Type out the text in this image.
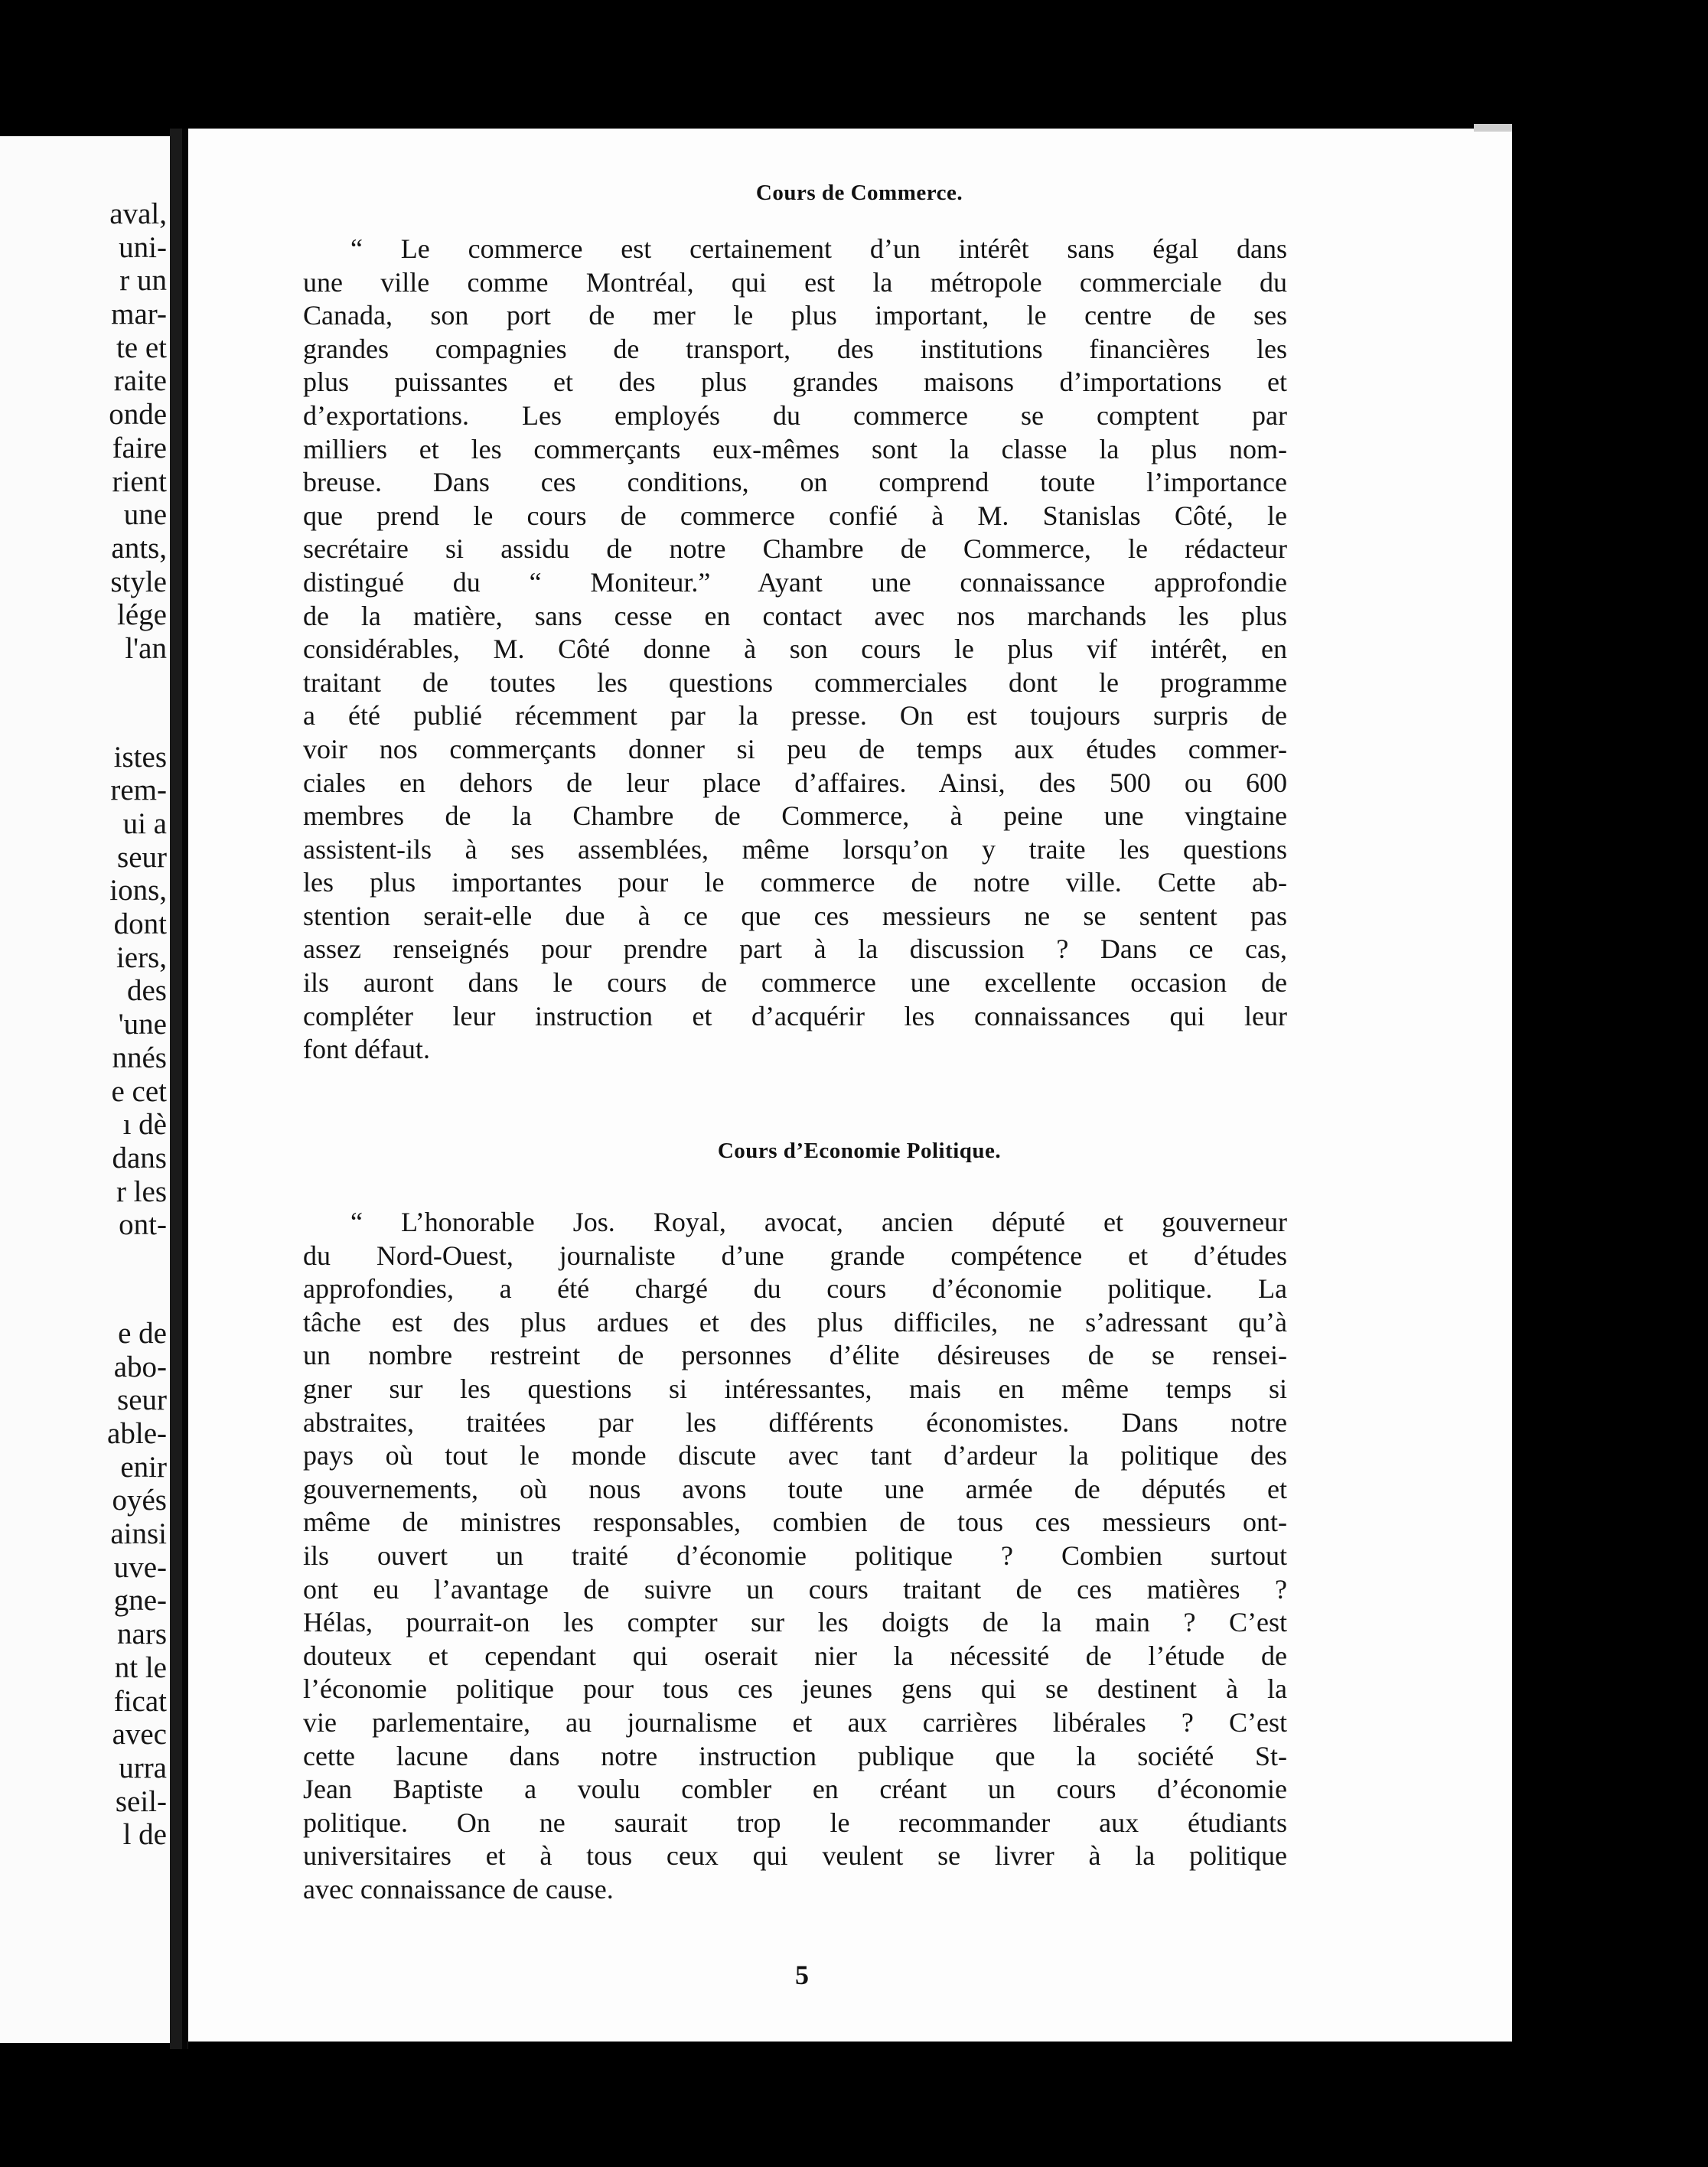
aval,
uni-
r un
mar-
te et
raite
onde
faire
rient
une
ants,
style
lége
l'an
istes
rem-
ui a
seur
ions,
dont
iers,
des
'une
nnés
e cet
ı dè
dans
r les
ont-
e de
abo-
seur
able-
enir
oyés
ainsi
uve-
gne-
nars
nt le
ficat
avec
urra
seil-
l de
Cours de Commerce.
“ Le commerce est certainement d’un intérêt sans égal dans
une ville comme Montréal, qui est la métropole commerciale du
Canada, son port de mer le plus important, le centre de ses
grandes compagnies de transport, des institutions financières les
plus puissantes et des plus grandes maisons d’importations et
d’exportations. Les employés du commerce se comptent par
milliers et les commerçants eux-mêmes sont la classe la plus nom-
breuse. Dans ces conditions, on comprend toute l’importance
que prend le cours de commerce confié à M. Stanislas Côté, le
secrétaire si assidu de notre Chambre de Commerce, le rédacteur
distingué du “ Moniteur.” Ayant une connaissance approfondie
de la matière, sans cesse en contact avec nos marchands les plus
considérables, M. Côté donne à son cours le plus vif intérêt, en
traitant de toutes les questions commerciales dont le programme
a été publié récemment par la presse. On est toujours surpris de
voir nos commerçants donner si peu de temps aux études commer-
ciales en dehors de leur place d’affaires. Ainsi, des 500 ou 600
membres de la Chambre de Commerce, à peine une vingtaine
assistent-ils à ses assemblées, même lorsqu’on y traite les questions
les plus importantes pour le commerce de notre ville. Cette ab-
stention serait-elle due à ce que ces messieurs ne se sentent pas
assez renseignés pour prendre part à la discussion ? Dans ce cas,
ils auront dans le cours de commerce une excellente occasion de
compléter leur instruction et d’acquérir les connaissances qui leur
font défaut.
Cours d’Economie Politique.
“ L’honorable Jos. Royal, avocat, ancien député et gouverneur
du Nord-Ouest, journaliste d’une grande compétence et d’études
approfondies, a été chargé du cours d’économie politique. La
tâche est des plus ardues et des plus difficiles, ne s’adressant qu’à
un nombre restreint de personnes d’élite désireuses de se rensei-
gner sur les questions si intéressantes, mais en même temps si
abstraites, traitées par les différents économistes. Dans notre
pays où tout le monde discute avec tant d’ardeur la politique des
gouvernements, où nous avons toute une armée de députés et
même de ministres responsables, combien de tous ces messieurs ont-
ils ouvert un traité d’économie politique ? Combien surtout
ont eu l’avantage de suivre un cours traitant de ces matières ?
Hélas, pourrait-on les compter sur les doigts de la main ? C’est
douteux et cependant qui oserait nier la nécessité de l’étude de
l’économie politique pour tous ces jeunes gens qui se destinent à la
vie parlementaire, au journalisme et aux carrières libérales ? C’est
cette lacune dans notre instruction publique que la société St-
Jean Baptiste a voulu combler en créant un cours d’économie
politique. On ne saurait trop le recommander aux étudiants
universitaires et à tous ceux qui veulent se livrer à la politique
avec connaissance de cause.
5
